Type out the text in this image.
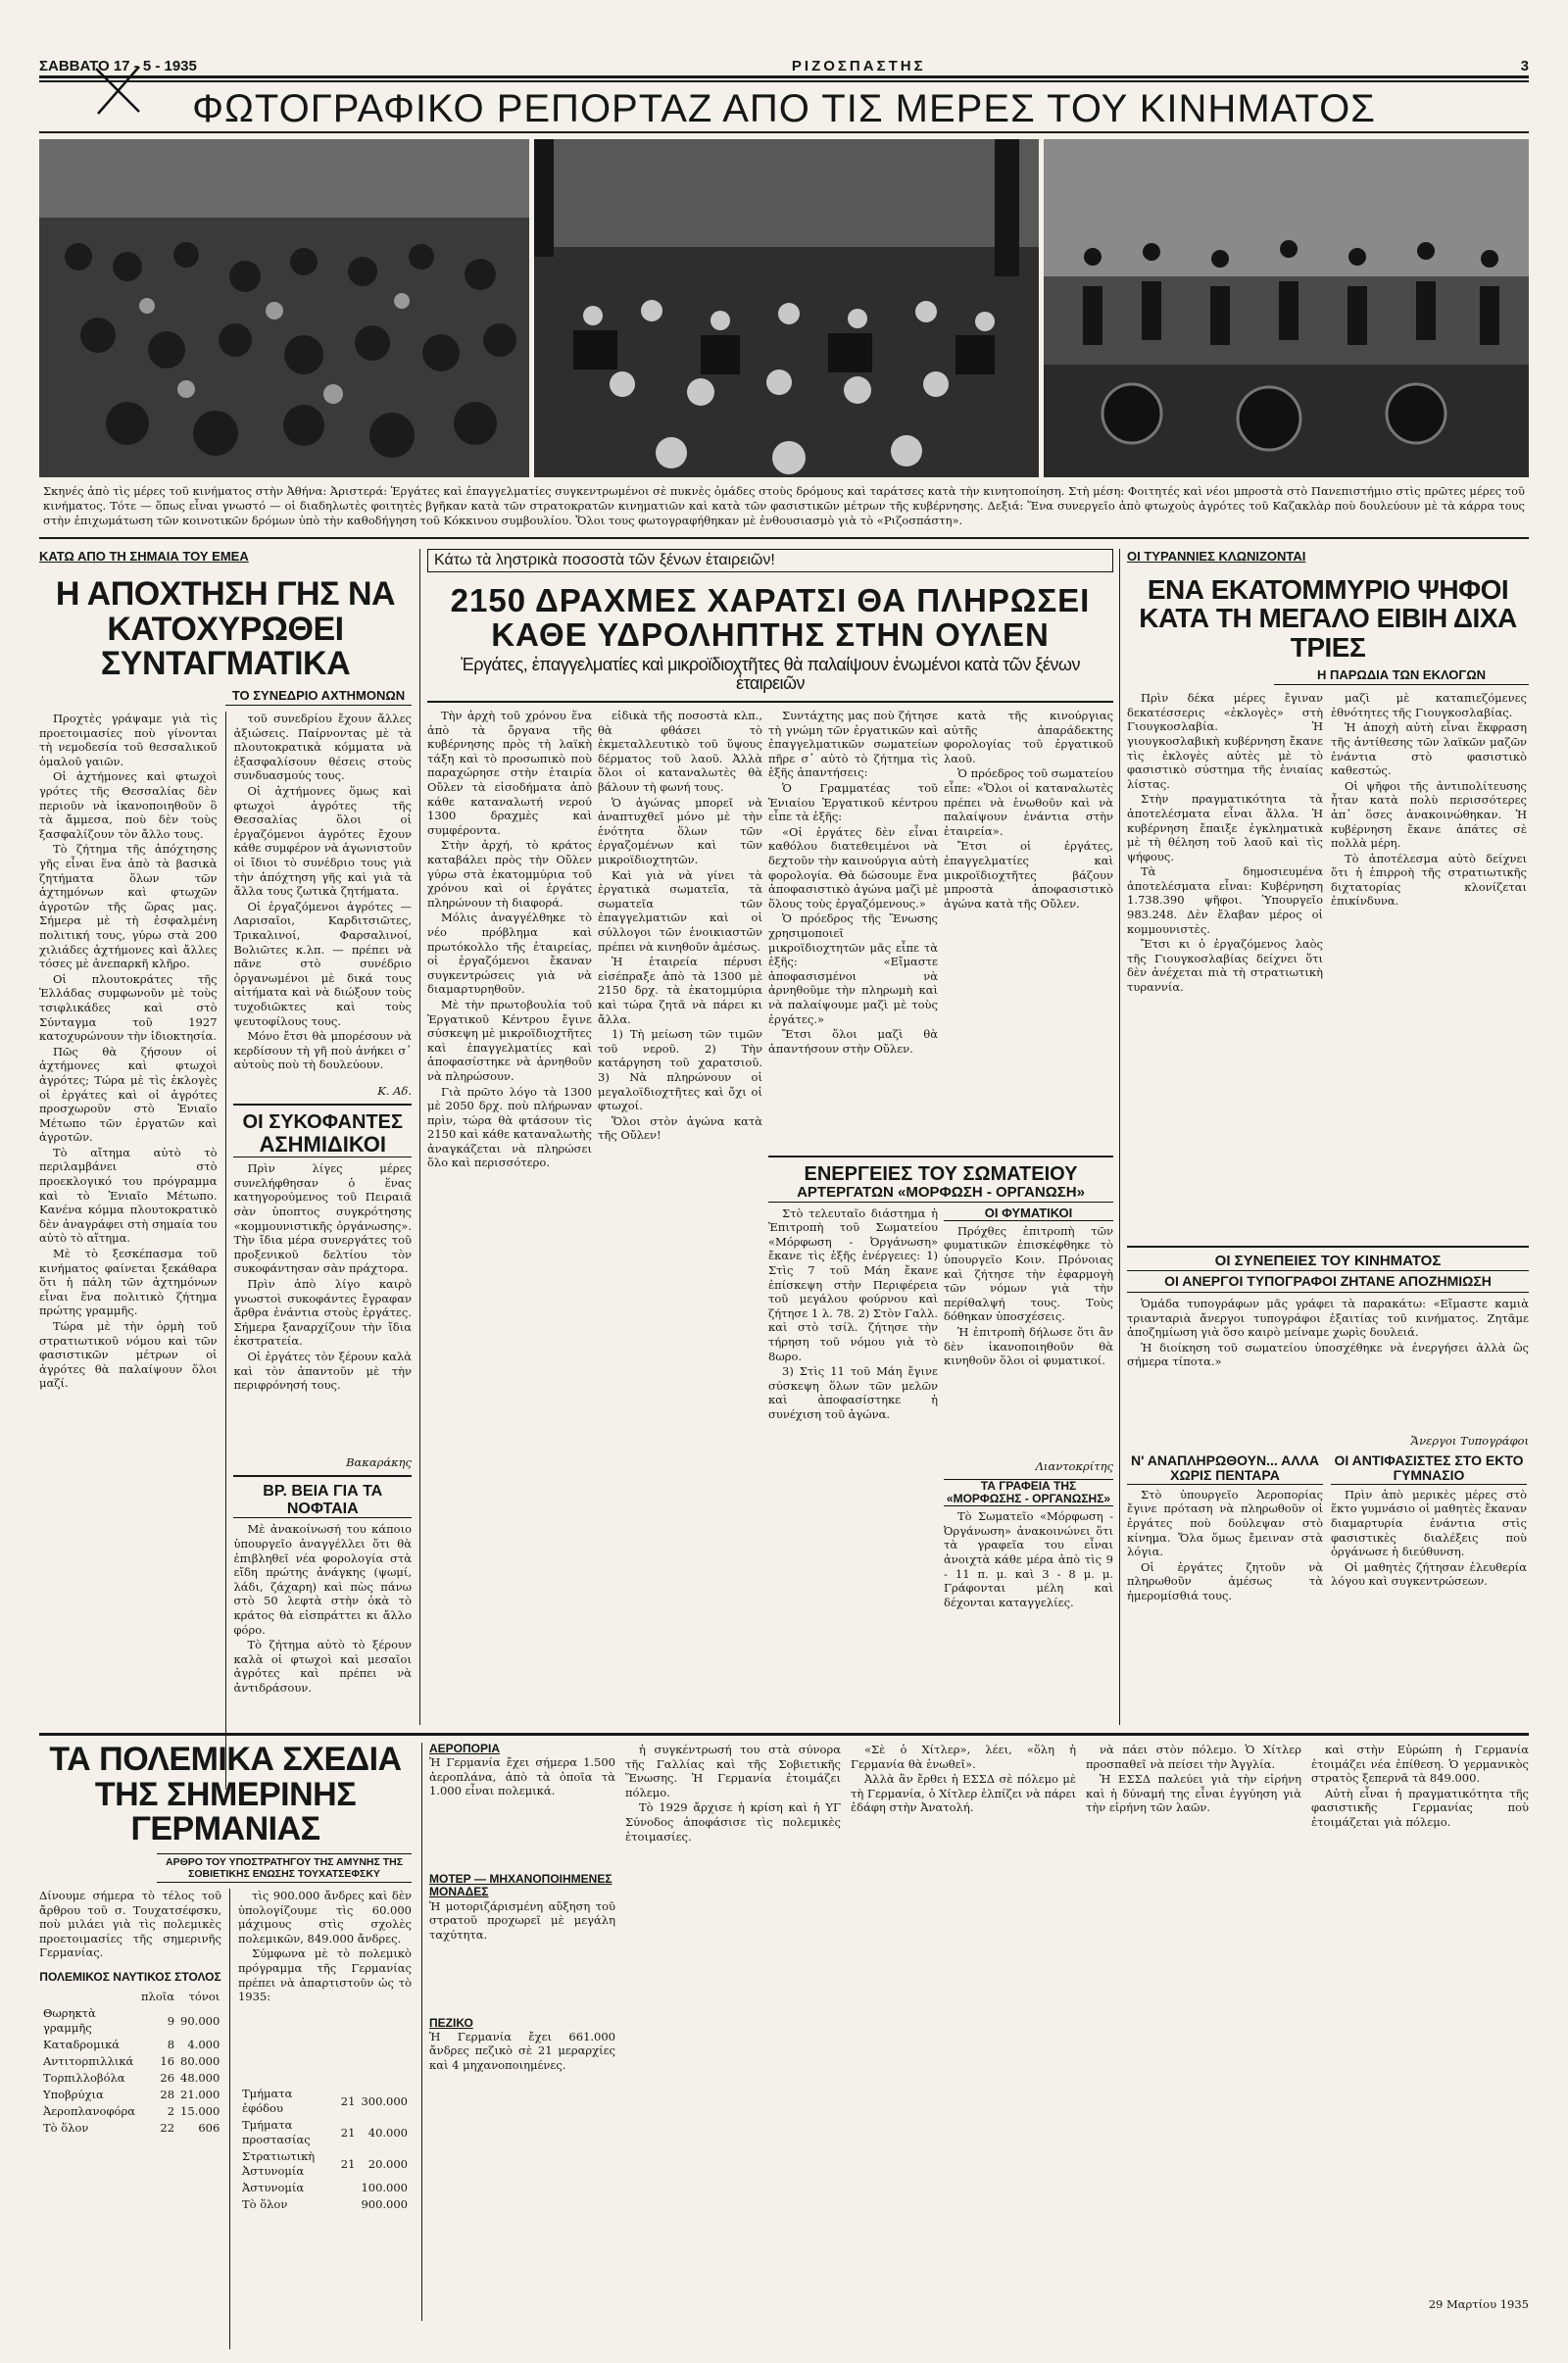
ΣΑΒΒΑΤΟ 17 - 5 - 1935	ΡΙΖΟΣΠΑΣΤΗΣ	3
ΦΩΤΟΓΡΑΦΙΚΟ ΡΕΠΟΡΤΑΖ ΑΠΟ ΤΙΣ ΜΕΡΕΣ ΤΟΥ ΚΙΝΗΜΑΤΟΣ
Σκηνές ἀπὸ τὶς μέρες τοῦ κινήματος στὴν Ἀθήνα: Ἀριστερά: Ἐργάτες καὶ ἐπαγγελματίες συγκεντρωμένοι σὲ πυκνὲς ὁμάδες στοὺς δρόμους καὶ ταράτσες κατὰ τὴν κινητοποίηση. Στὴ μέση: Φοιτητές καὶ νέοι μπροστὰ στὸ Πανεπιστήμιο στὶς πρῶτες μέρες τοῦ κινήματος. Τότε — ὅπως εἶναι γνωστό — οἱ διαδηλωτὲς φοιτητὲς βγῆκαν κατὰ τῶν στρατοκρατῶν κινηματιῶν καὶ κατὰ τῶν φασιστικῶν μέτρων τῆς κυβέρνησης. Δεξιά: Ἕνα συνεργεῖο ἀπὸ φτωχοὺς ἀγρότες τοῦ Καζακλὰρ ποὺ δουλεύουν μὲ τὰ κάρρα τους στὴν ἐπιχωμάτωση τῶν κοινοτικῶν δρόμων ὑπὸ τὴν καθοδήγηση τοῦ Κόκκινου συμβουλίου. Ὅλοι τους φωτογραφήθηκαν μὲ ἐνθουσιασμὸ γιὰ τὸ «Ριζοσπάστη».
ΚΑΤΩ ΑΠΟ ΤΗ ΣΗΜΑΙΑ ΤΟΥ ΕΜΕΑ
Η ΑΠΟΧΤΗΣΗ ΓΗΣ ΝΑ ΚΑΤΟΧΥΡΩΘΕΙ ΣΥΝΤΑΓΜΑΤΙΚΑ
ΤΟ ΣΥΝΕΔΡΙΟ ΑΧΤΗΜΟΝΩΝ

Προχτὲς γράψαμε γιὰ τὶς προετοιμασίες ποὺ γίνονται τὴ νεμοδεσία τοῦ θεσσαλικοῦ ὁμαλοῦ γαιῶν.

Οἱ ἀχτήμονες καὶ φτωχοὶ γρότες τῆς Θεσσαλίας δὲν περιοῦν νὰ ἱκανοποιηθοῦν ὃ τὰ ἄμμεσα, ποὺ δὲν τοὺς ξασφαλίζουν τὸν ἄλλο τους.

Τὸ ζήτημα τῆς ἀπόχτησης γῆς εἶναι ἕνα ἀπὸ τὰ βασικὰ ζητήματα ὅλων τῶν ἀχτημόνων καὶ φτωχῶν ἀγροτῶν τῆς ὥρας μας. Σήμερα μὲ τὴ ἐσφαλμένη πολιτική τους, γύρω στὰ 200 χιλιάδες ἀχτήμονες καὶ ἄλλες τόσες μὲ ἀνεπαρκῆ κλῆρο.

Οἱ πλουτοκράτες τῆς Ἑλλάδας συμφωνοῦν μὲ τοὺς τσιφλικάδες καὶ στὸ Σύνταγμα τοῦ 1927 κατοχυρώνουν τὴν ἰδιοκτησία.

Πῶς θὰ ζήσουν οἱ ἀχτήμονες καὶ φτωχοὶ ἀγρότες; Τώρα μὲ τὶς ἐκλογὲς οἱ ἐργάτες καὶ οἱ ἀγρότες προσχωροῦν στὸ Ἑνιαῖο Μέτωπο τῶν ἐργατῶν καὶ ἀγροτῶν.

Τὸ αἴτημα αὐτὸ τὸ περιλαμβάνει στὸ προεκλογικό του πρόγραμμα καὶ τὸ Ἑνιαῖο Μέτωπο. Κανένα κόμμα πλουτοκρατικὸ δὲν ἀναγράφει στὴ σημαία του αὐτὸ τὸ αἴτημα.

Μὲ τὸ ξεσκέπασμα τοῦ κινήματος φαίνεται ξεκάθαρα ὅτι ἡ πάλη τῶν ἀχτημόνων εἶναι ἕνα πολιτικὸ ζήτημα πρώτης γραμμῆς.

Τώρα μὲ τὴν ὁρμὴ τοῦ στρατιωτικοῦ νόμου καὶ τῶν φασιστικῶν μέτρων οἱ ἀγρότες θὰ παλαίψουν ὅλοι μαζί.

τοῦ συνεδρίου ἔχουν ἄλλες ἀξιώσεις. Παίρνοντας μὲ τὰ πλουτοκρατικὰ κόμματα νὰ ἐξασφαλίσουν θέσεις στοὺς συνδυασμούς τους.

Οἱ ἀχτήμονες ὅμως καὶ φτωχοὶ ἀγρότες τῆς Θεσσαλίας ὅλοι οἱ ἐργαζόμενοι ἀγρότες ἔχουν κάθε συμφέρον νὰ ἀγωνιστοῦν οἱ ἴδιοι τὸ συνέδριο τους γιὰ τὴν ἀπόχτηση γῆς καὶ γιὰ τὰ ἄλλα τους ζωτικὰ ζητήματα.

Οἱ ἐργαζόμενοι ἀγρότες — Λαρισαῖοι, Καρδιτσιῶτες, Τρικαλινοί, Φαρσαλινοί, Βολιῶτες κ.λπ. — πρέπει νὰ πᾶνε στὸ συνέδριο ὀργανωμένοι μὲ δικά τους αἰτήματα καὶ νὰ διώξουν τοὺς τυχοδιῶκτες καὶ τοὺς ψευτοφίλους τους.

Μόνο ἔτσι θὰ μπορέσουν νὰ κερδίσουν τὴ γῆ ποὺ ἀνήκει σ᾿ αὐτοὺς ποὺ τὴ δουλεύουν.

Κ. Αδ.
ΟΙ ΣΥΚΟΦΑΝΤΕΣ
ΑΣΗΜΙΔΙΚΟΙ

Πρὶν λίγες μέρες συνελήφθησαν ὁ ἕνας κατηγορούμενος τοῦ Πειραιᾶ σὰν ὑποπτος συγκρότησης «κομμουνιστικῆς ὀργάνωσης». Τὴν ἴδια μέρα συνεργάτες τοῦ προξενικοῦ δελτίου τὸν συκοφάντησαν σὰν πράχτορα.

Πρὶν ἀπὸ λίγο καιρὸ γνωστοὶ συκοφάντες ἔγραφαν ἄρθρα ἐνάντια στοὺς ἐργάτες. Σήμερα ξαναρχίζουν τὴν ἴδια ἐκστρατεία.

Οἱ ἐργάτες τὸν ξέρουν καλὰ καὶ τὸν ἀπαντοῦν μὲ τὴν περιφρόνησή τους.

Βακαράκης
ΒΡ. ΒΕΙΑ ΓΙΑ ΤΑ ΝΟΦΤΑΙΑ

Μὲ ἀνακοίνωσή του κάποιο ὑπουργεῖο ἀναγγέλλει ὅτι θὰ ἐπιβληθεῖ νέα φορολογία στὰ εἴδη πρώτης ἀνάγκης (ψωμί, λάδι, ζάχαρη) καὶ πὼς πάνω στὸ 50 λεφτὰ στὴν ὀκὰ τὸ κράτος θὰ εἰσπράττει κι ἄλλο φόρο.

Τὸ ζήτημα αὐτὸ τὸ ξέρουν καλὰ οἱ φτωχοὶ καὶ μεσαῖοι ἀγρότες καὶ πρέπει νὰ ἀντιδράσουν.

Κάτω τὰ ληστρικὰ ποσοστὰ τῶν ξένων ἑταιρειῶν!
2150 ΔΡΑΧΜΕΣ ΧΑΡΑΤΣΙ ΘΑ ΠΛΗΡΩΣΕΙ ΚΑΘΕ ΥΔΡΟΛΗΠΤΗΣ ΣΤΗΝ ΟΥΛΕΝ
Ἐργάτες, ἐπαγγελματίες καὶ μικροϊδιοχτῆτες θὰ παλαίψουν ἑνωμένοι κατὰ τῶν ξένων ἑταιρειῶν

Τὴν ἀρχὴ τοῦ χρόνου ἕνα ἀπὸ τὰ ὄργανα τῆς κυβέρνησης πρὸς τὴ λαϊκὴ τάξη καὶ τὸ προσωπικὸ ποὺ παραχώρησε στὴν ἑταιρία Οὔλεν τὰ εἰσοδήματα ἀπὸ κάθε καταναλωτή νερού 1300 δραχμὲς καὶ συμφέροντα.

Στὴν ἀρχή, τὸ κράτος καταβάλει πρὸς τὴν Οὔλεν γύρω στὰ ἑκατομμύρια τοῦ χρόνου καὶ οἱ ἐργάτες πληρώνουν τὴ διαφορά.

Μόλις ἀναγγέλθηκε τὸ νέο πρόβλημα καὶ πρωτόκολλο τῆς ἑταιρείας, οἱ ἐργαζόμενοι ἔκαναν συγκεντρώσεις γιὰ νὰ διαμαρτυρηθοῦν.

Μὲ τὴν πρωτοβουλία τοῦ Ἑργατικοῦ Κέντρου ἔγινε σύσκεψη μὲ μικροϊδιοχτῆτες καὶ ἐπαγγελματίες καὶ ἀποφασίστηκε νὰ ἀρνηθοῦν νὰ πληρώσουν.

Γιὰ πρῶτο λόγο τὰ 1300 μὲ 2050 δρχ. ποὺ πλήρωναν πρὶν, τώρα θὰ φτάσουν τὶς 2150 καὶ κάθε καταναλωτὴς ἀναγκάζεται νὰ πληρώσει ὅλο καὶ περισσότερο.

εἰδικὰ τῆς ποσοστὰ κλπ., θὰ φθάσει τὸ ἐκμεταλλευτικὸ τοῦ ὕψους δέρματος τοῦ λαοῦ. Ἀλλὰ ὅλοι οἱ καταναλωτὲς θὰ βάλουν τὴ φωνή τους.

Ὁ ἀγώνας μπορεῖ νὰ ἀναπτυχθεῖ μόνο μὲ τὴν ἑνότητα ὅλων τῶν ἐργαζομένων καὶ τῶν μικροϊδιοχτητῶν.

Καὶ γιὰ νὰ γίνει τὰ ἐργατικὰ σωματεῖα, τὰ σωματεῖα τῶν ἐπαγγελματιῶν καὶ οἱ σύλλογοι τῶν ἐνοικιαστῶν πρέπει νὰ κινηθοῦν ἀμέσως.

Ἡ ἑταιρεία πέρυσι εἰσέπραξε ἀπὸ τὰ 1300 μὲ 2150 δρχ. τὰ ἑκατομμύρια καὶ τώρα ζητᾶ νὰ πάρει κι ἄλλα.

1) Τὴ μείωση τῶν τιμῶν τοῦ νεροῦ. 2) Τὴν κατάργηση τοῦ χαρατσιοῦ. 3) Νὰ πληρώνουν οἱ μεγαλοϊδιοχτῆτες καὶ ὄχι οἱ φτωχοί.

Ὅλοι στὸν ἀγώνα κατὰ τῆς Οὔλεν!

Συντάχτης μας ποὺ ζήτησε τὴ γνώμη τῶν ἐργατικῶν καὶ ἐπαγγελματικῶν σωματείων πῆρε σ᾿ αὐτὸ τὸ ζήτημα τὶς ἑξῆς ἀπαντήσεις:

Ὁ Γραμματέας τοῦ Ἑνιαίου Ἐργατικοῦ κέντρου εἶπε τὰ ἑξῆς:

«Οἱ ἐργάτες δὲν εἶναι καθόλου διατεθειμένοι νὰ δεχτοῦν τὴν καινούργια αὐτὴ φορολογία. Θὰ δώσουμε ἕνα ἀποφασιστικὸ ἀγώνα μαζὶ μὲ ὅλους τοὺς ἐργαζόμενους.»

Ὁ πρόεδρος τῆς Ἕνωσης χρησιμοποιεῖ μικροϊδιοχτητῶν μᾶς εἶπε τὰ ἑξῆς: «Εἴμαστε ἀποφασισμένοι νὰ ἀρνηθοῦμε τὴν πληρωμὴ καὶ νὰ παλαίψουμε μαζὶ μὲ τοὺς ἐργάτες.»

Ἔτσι ὅλοι μαζὶ θὰ ἀπαντήσουν στὴν Οὔλεν.

κατὰ τῆς κινούργιας αὐτῆς ἀπαράδεκτης φορολογίας τοῦ ἐργατικοῦ λαοῦ.

Ὁ πρόεδρος τοῦ σωματείου εἶπε: «Ὅλοι οἱ καταναλωτὲς πρέπει νὰ ἑνωθοῦν καὶ νὰ παλαίψουν ἐνάντια στὴν ἑταιρεία».

Ἔτσι οἱ ἐργάτες, ἐπαγγελματίες καὶ μικροϊδιοχτῆτες βάζουν μπροστὰ ἀποφασιστικὸ ἀγώνα κατὰ τῆς Οὔλεν.

ΕΝΕΡΓΕΙΕΣ ΤΟΥ ΣΩΜΑΤΕΙΟΥ
ΑΡΤΕΡΓΑΤΩΝ «ΜΟΡΦΩΣΗ - ΟΡΓΑΝΩΣΗ»

Στὸ τελευταῖο διάστημα ἡ Ἐπιτροπὴ τοῦ Σωματείου «Μόρφωση - Ὀργάνωση» ἔκανε τὶς ἑξῆς ἐνέργειες: 1) Στὶς 7 τοῦ Μάη ἔκανε ἐπίσκεψη στὴν Περιφέρεια τοῦ μεγάλου φούρνου καὶ ζήτησε 1 λ. 78. 2) Στὸν Γαλλ. καὶ στὸ τσίλ. ζήτησε τὴν τήρηση τοῦ νόμου γιὰ τὸ 8ωρο.

3) Στὶς 11 τοῦ Μάη ἔγινε σύσκεψη ὅλων τῶν μελῶν καὶ ἀποφασίστηκε ἡ συνέχιση τοῦ ἀγώνα.

ΟΙ ΦΥΜΑΤΙΚΟΙ

Πρόχθες ἐπιτροπὴ τῶν φυματικῶν ἐπισκέφθηκε τὸ ὑπουργεῖο Κοιν. Πρόνοιας καὶ ζήτησε τὴν ἐφαρμογὴ τῶν νόμων γιὰ τὴν περίθαλψή τους. Τοὺς δόθηκαν ὑποσχέσεις.

Ἡ ἐπιτροπὴ δήλωσε ὅτι ἂν δὲν ἱκανοποιηθοῦν θὰ κινηθοῦν ὅλοι οἱ φυματικοί.

Λιαντοκρίτης
ΤΑ ΓΡΑΦΕΙΑ ΤΗΣ «ΜΟΡΦΩΣΗΣ - ΟΡΓΑΝΩΣΗΣ»

Τὸ Σωματεῖο «Μόρφωση - Ὀργάνωση» ἀνακοινώνει ὅτι τὰ γραφεῖα του εἶναι ἀνοιχτὰ κάθε μέρα ἀπὸ τὶς 9 - 11 π. μ. καὶ 3 - 8 μ. μ. Γράφονται μέλη καὶ δέχονται καταγγελίες.

ΟΙ ΤΥΡΑΝΝΙΕΣ ΚΛΩΝΙΖΟΝΤΑΙ
ΕΝΑ ΕΚΑΤΟΜΜΥΡΙΟ ΨΗΦΟΙ ΚΑΤΑ ΤΗ ΜΕΓΑΛΟ ΕΙΒΙΗ ΔΙΧΑ ΤΡΙΕΣ
Η ΠΑΡΩΔΙΑ ΤΩΝ ΕΚΛΟΓΩΝ

Πρὶν δέκα μέρες ἔγιναν δεκατέσσερις «ἐκλογὲς» στὴ Γιουγκοσλαβία. Ἡ γιουγκοσλαβικὴ κυβέρνηση ἔκανε τὶς ἐκλογὲς αὐτὲς μὲ τὸ φασιστικὸ σύστημα τῆς ἐνιαίας λίστας.

Στὴν πραγματικότητα τὰ ἀποτελέσματα εἶναι ἄλλα. Ἡ κυβέρνηση ἔπαιξε ἐγκληματικὰ μὲ τὴ θέληση τοῦ λαοῦ καὶ τὶς ψήφους.

Τὰ δημοσιευμένα ἀποτελέσματα εἶναι: Κυβέρνηση 1.738.390 ψῆφοι. Ὑπουργεῖο 983.248. Δὲν ἔλαβαν μέρος οἱ κομμουνιστὲς.

Ἔτσι κι ὁ ἐργαζόμενος λαὸς τῆς Γιουγκοσλαβίας δείχνει ὅτι δὲν ἀνέχεται πιὰ τὴ στρατιωτικὴ τυραννία.

μαζὶ μὲ καταπιεζόμενες ἐθνότητες τῆς Γιουγκοσλαβίας.

Ἡ ἀποχὴ αὐτὴ εἶναι ἔκφραση τῆς ἀντίθεσης τῶν λαϊκῶν μαζῶν ἐνάντια στὸ φασιστικὸ καθεστώς.

Οἱ ψῆφοι τῆς ἀντιπολίτευσης ἦταν κατὰ πολὺ περισσότερες ἀπ᾿ ὅσες ἀνακοινώθηκαν. Ἡ κυβέρνηση ἔκανε ἀπάτες σὲ πολλὰ μέρη.

Τὸ ἀποτέλεσμα αὐτὸ δείχνει ὅτι ἡ ἐπιρροὴ τῆς στρατιωτικῆς διχτατορίας κλονίζεται ἐπικίνδυνα.

ΟΙ ΣΥΝΕΠΕΙΕΣ ΤΟΥ ΚΙΝΗΜΑΤΟΣ
ΟΙ ΑΝΕΡΓΟΙ ΤΥΠΟΓΡΑΦΟΙ ΖΗΤΑΝΕ ΑΠΟΖΗΜΙΩΣΗ

Ὁμάδα τυπογράφων μᾶς γράφει τὰ παρακάτω: «Εἴμαστε καμιὰ τριανταριὰ ἄνεργοι τυπογράφοι ἐξαιτίας τοῦ κινήματος. Ζητᾶμε ἀποζημίωση γιὰ ὅσο καιρὸ μείναμε χωρὶς δουλειά.

Ἡ διοίκηση τοῦ σωματείου ὑποσχέθηκε νὰ ἐνεργήσει ἀλλὰ ὣς σήμερα τίποτα.»

Ἄνεργοι Τυπογράφοι
Ν' ΑΝΑΠΛΗΡΩΘΟΥΝ... ΑΛΛΑ ΧΩΡΙΣ ΠΕΝΤΑΡΑ

Στὸ ὑπουργεῖο Ἀεροπορίας ἔγινε πρόταση νὰ πληρωθοῦν οἱ ἐργάτες ποὺ δούλεψαν στὸ κίνημα. Ὅλα ὅμως ἔμειναν στὰ λόγια.

Οἱ ἐργάτες ζητοῦν νὰ πληρωθοῦν ἀμέσως τὰ ἡμερομίσθιά τους.

ΟΙ ΑΝΤΙΦΑΣΙΣΤΕΣ ΣΤΟ ΕΚΤΟ ΓΥΜΝΑΣΙΟ

Πρὶν ἀπὸ μερικὲς μέρες στὸ ἕκτο γυμνάσιο οἱ μαθητὲς ἔκαναν διαμαρτυρία ἐνάντια στὶς φασιστικὲς διαλέξεις ποὺ ὀργάνωσε ἡ διεύθυνση.

Οἱ μαθητὲς ζήτησαν ἐλευθερία λόγου καὶ συγκεντρώσεων.

ΤΑ ΠΟΛΕΜΙΚΑ ΣΧΕΔΙΑ ΤΗΣ ΣΗΜΕΡΙΝΗΣ ΓΕΡΜΑΝΙΑΣ
ΑΡΘΡΟ ΤΟΥ ΥΠΟΣΤΡΑΤΗΓΟΥ ΤΗΣ ΑΜΥΝΗΣ ΤΗΣ ΣΟΒΙΕΤΙΚΗΣ ΕΝΩΣΗΣ ΤΟΥΧΑΤΣΕΦΣΚΥ
Δίνουμε σήμερα τὸ τέλος τοῦ ἄρθρου τοῦ σ. Τουχατσέφσκυ, ποὺ μιλάει γιὰ τὶς πολεμικὲς προετοιμασίες τῆς σημερινῆς Γερμανίας.
ΠΟΛΕΜΙΚΟΣ ΝΑΥΤΙΚΟΣ ΣΤΟΛΟΣ
	πλοῖα	τόνοι
Θωρηκτὰ γραμμῆς	9	90.000
Καταδρομικά	8	4.000
Αντιτορπιλλικά	16	80.000
Τορπιλλοβόλα	26	48.000
Υποβρύχια	28	21.000
Ἀεροπλανοφόρα	2	15.000
Τὸ ὅλον	22	606

τὶς 900.000 ἄνδρες καὶ δὲν ὑπολογίζουμε τὶς 60.000 μάχιμους στὶς σχολὲς πολεμικῶν, 849.000 ἄνδρες.

Σύμφωνα μὲ τὸ πολεμικὸ πρόγραμμα τῆς Γερμανίας πρέπει νὰ ἀπαρτιστοῦν ὡς τὸ 1935:

Τμήματα ἐφόδου	21	300.000
Τμήματα προστασίας	21	40.000
Στρατιωτικὴ Ἀστυνομία	21	20.000
Ἀστυνομία		100.000
Τὸ ὅλον		900.000
ΑΕΡΟΠΟΡΙΑ
Ἡ Γερμανία ἔχει σήμερα 1.500 ἀεροπλάνα, ἀπὸ τὰ ὁποῖα τὰ 1.000 εἶναι πολεμικά.
ΜΟΤΕΡ — ΜΗΧΑΝΟΠΟΙΗΜΕΝΕΣ ΜΟΝΑΔΕΣ
Ἡ μοτοριζάρισμένη αὔξηση τοῦ στρατοῦ προχωρεῖ μὲ μεγάλη ταχύτητα.
ΠΕΖΙΚΟ
Ἡ Γερμανία ἔχει 661.000 ἄνδρες πεζικὸ σὲ 21 μεραρχίες καὶ 4 μηχανοποιημένες.

ἡ συγκέντρωσή του στὰ σύνορα τῆς Γαλλίας καὶ τῆς Σοβιετικῆς Ἕνωσης. Ἡ Γερμανία ἐτοιμάζει πόλεμο.

Τὸ 1929 ἄρχισε ἡ κρίση καὶ ἡ ΥΓ Σύνοδος ἀποφάσισε τὶς πολεμικὲς ἑτοιμασίες.

«Σὲ ὁ Χίτλερ», λέει, «ὅλη ἡ Γερμανία θὰ ἑνωθεῖ».

Ἀλλὰ ἂν ἔρθει ἡ ΕΣΣΔ σὲ πόλεμο μὲ τὴ Γερμανία, ὁ Χίτλερ ἐλπίζει νὰ πάρει ἐδάφη στὴν Ἀνατολή.

νὰ πάει στὸν πόλεμο. Ὁ Χίτλερ προσπαθεῖ νὰ πείσει τὴν Ἀγγλία.

Ἡ ΕΣΣΔ παλεύει γιὰ τὴν εἰρήνη καὶ ἡ δύναμή της εἶναι ἐγγύηση γιὰ τὴν εἰρήνη τῶν λαῶν.

καὶ στὴν Εὐρώπη ἡ Γερμανία ἐτοιμάζει νέα ἐπίθεση. Ὁ γερμανικὸς στρατὸς ξεπερνᾶ τὰ 849.000.

Αὐτὴ εἶναι ἡ πραγματικότητα τῆς φασιστικῆς Γερμανίας ποὺ ἐτοιμάζεται γιὰ πόλεμο.

29 Μαρτίου 1935
